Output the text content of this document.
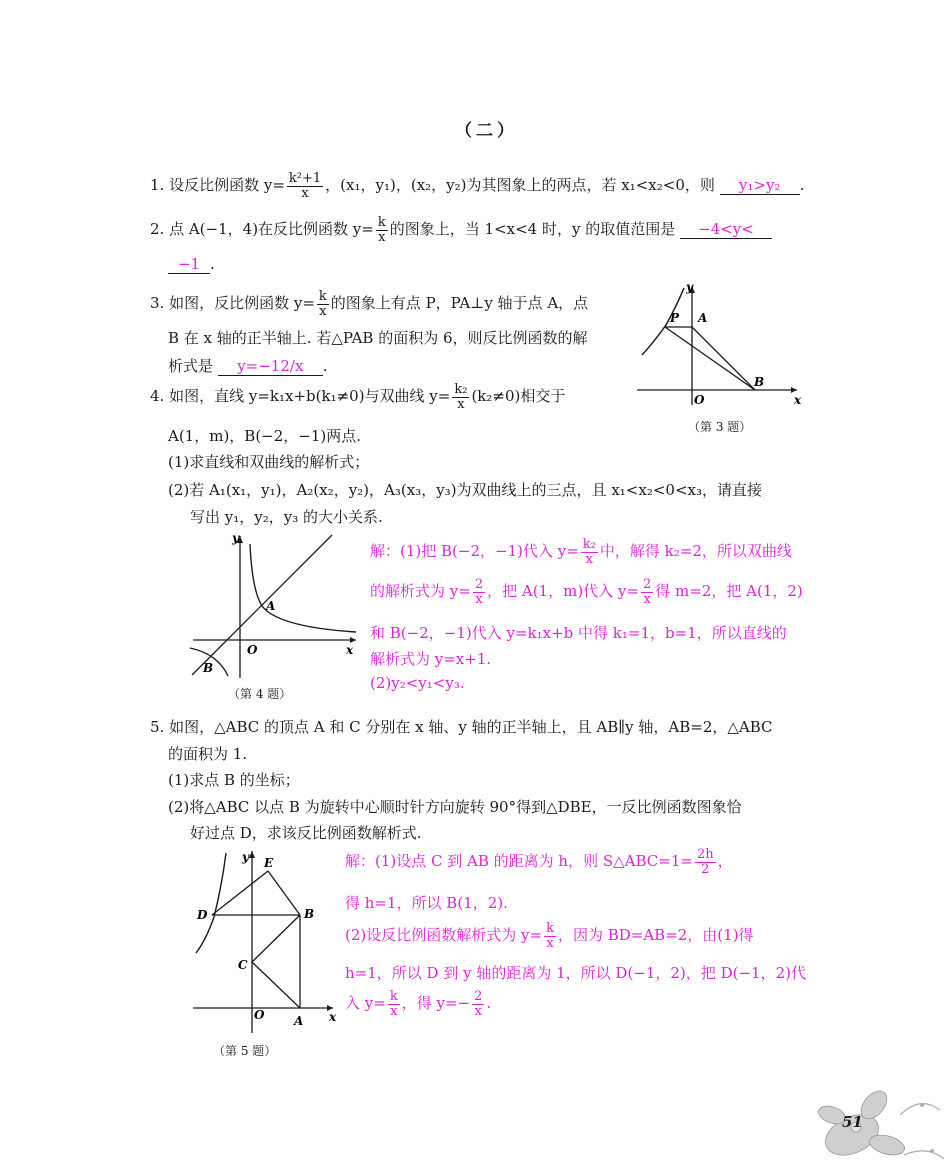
（二）
1. 设反比例函数 $y= \frac{\text{k²+1}}{x}$ ，(x₁，y₁)，(x₂，y₂)为其图象上的两点，若 x₁<x₂<0，则 y₁>y₂ .
2. 点 A(−1，4)在反比例函数 $y= \frac{k}{x}$ 的图象上，当 1<x<4 时，y 的取值范围是 −4<y<
−1 .
3. 如图，反比例函数 $y= \frac{k}{x}$ 的图象上有点 P，PA⊥y 轴于点 A，点
B 在 x 轴的正半轴上. 若△PAB 的面积为 6，则反比例函数的解
析式是 y=−12/x .
y
x
O
P A
B
（第 3 题）
4. 如图，直线 y=k₁x+b(k₁≠0)与双曲线 $y= \frac{\text{k₂}}{x} (k_2\ne 0)$相交于
A(1，m)，B(−2，−1)两点.
(1)求直线和双曲线的解析式；
(2)若 A₁(x₁，y₁)，A₂(x₂，y₂)，A₃(x₃，y₃)为双曲线上的三点，且 x₁<x₂<0<x₃，请直接
写出 y₁，y₂，y₃ 的大小关系.
y
x
O
A
B
（第 4 题）
解：(1)把 B(−2，−1)代入 $y= \frac{\text{k₂}}{x}$ 中，解得 k₂=2，所以双曲线
的解析式为 $y= \frac{2}{x}$ ，把 A(1，m)代入 $y= \frac{2}{x}$ 得 m=2，把 A(1，2)
和 B(−2，−1)代入 y=k₁x+b 中得 k₁=1，b=1，所以直线的
解析式为 y=x+1.
(2)y₂<y₁<y₃.
5. 如图，△ABC 的顶点 A 和 C 分别在 x 轴、y 轴的正半轴上，且 AB∥y 轴，AB=2，△ABC
的面积为 1.
(1)求点 B 的坐标；
(2)将△ABC 以点 B 为旋转中心顺时针方向旋转 90°得到△DBE，一反比例函数图象恰
好过点 D，求该反比例函数解析式.
y
x
O A
B
C
D
E
（第 5 题）
解：(1)设点 C 到 AB 的距离为 h，则 S△ABC=1= $\frac{2h}{2}$ ，
得 h=1，所以 B(1，2).
(2)设反比例函数解析式为 $y= \frac{k}{x}$ ，因为 BD=AB=2，由(1)得
h=1，所以 D 到 y 轴的距离为 1，所以 D(−1，2)，把 D(−1，2)代
入 $y= \frac{k}{x}$ ，得 $y=- \frac{2}{x}$ .
51
